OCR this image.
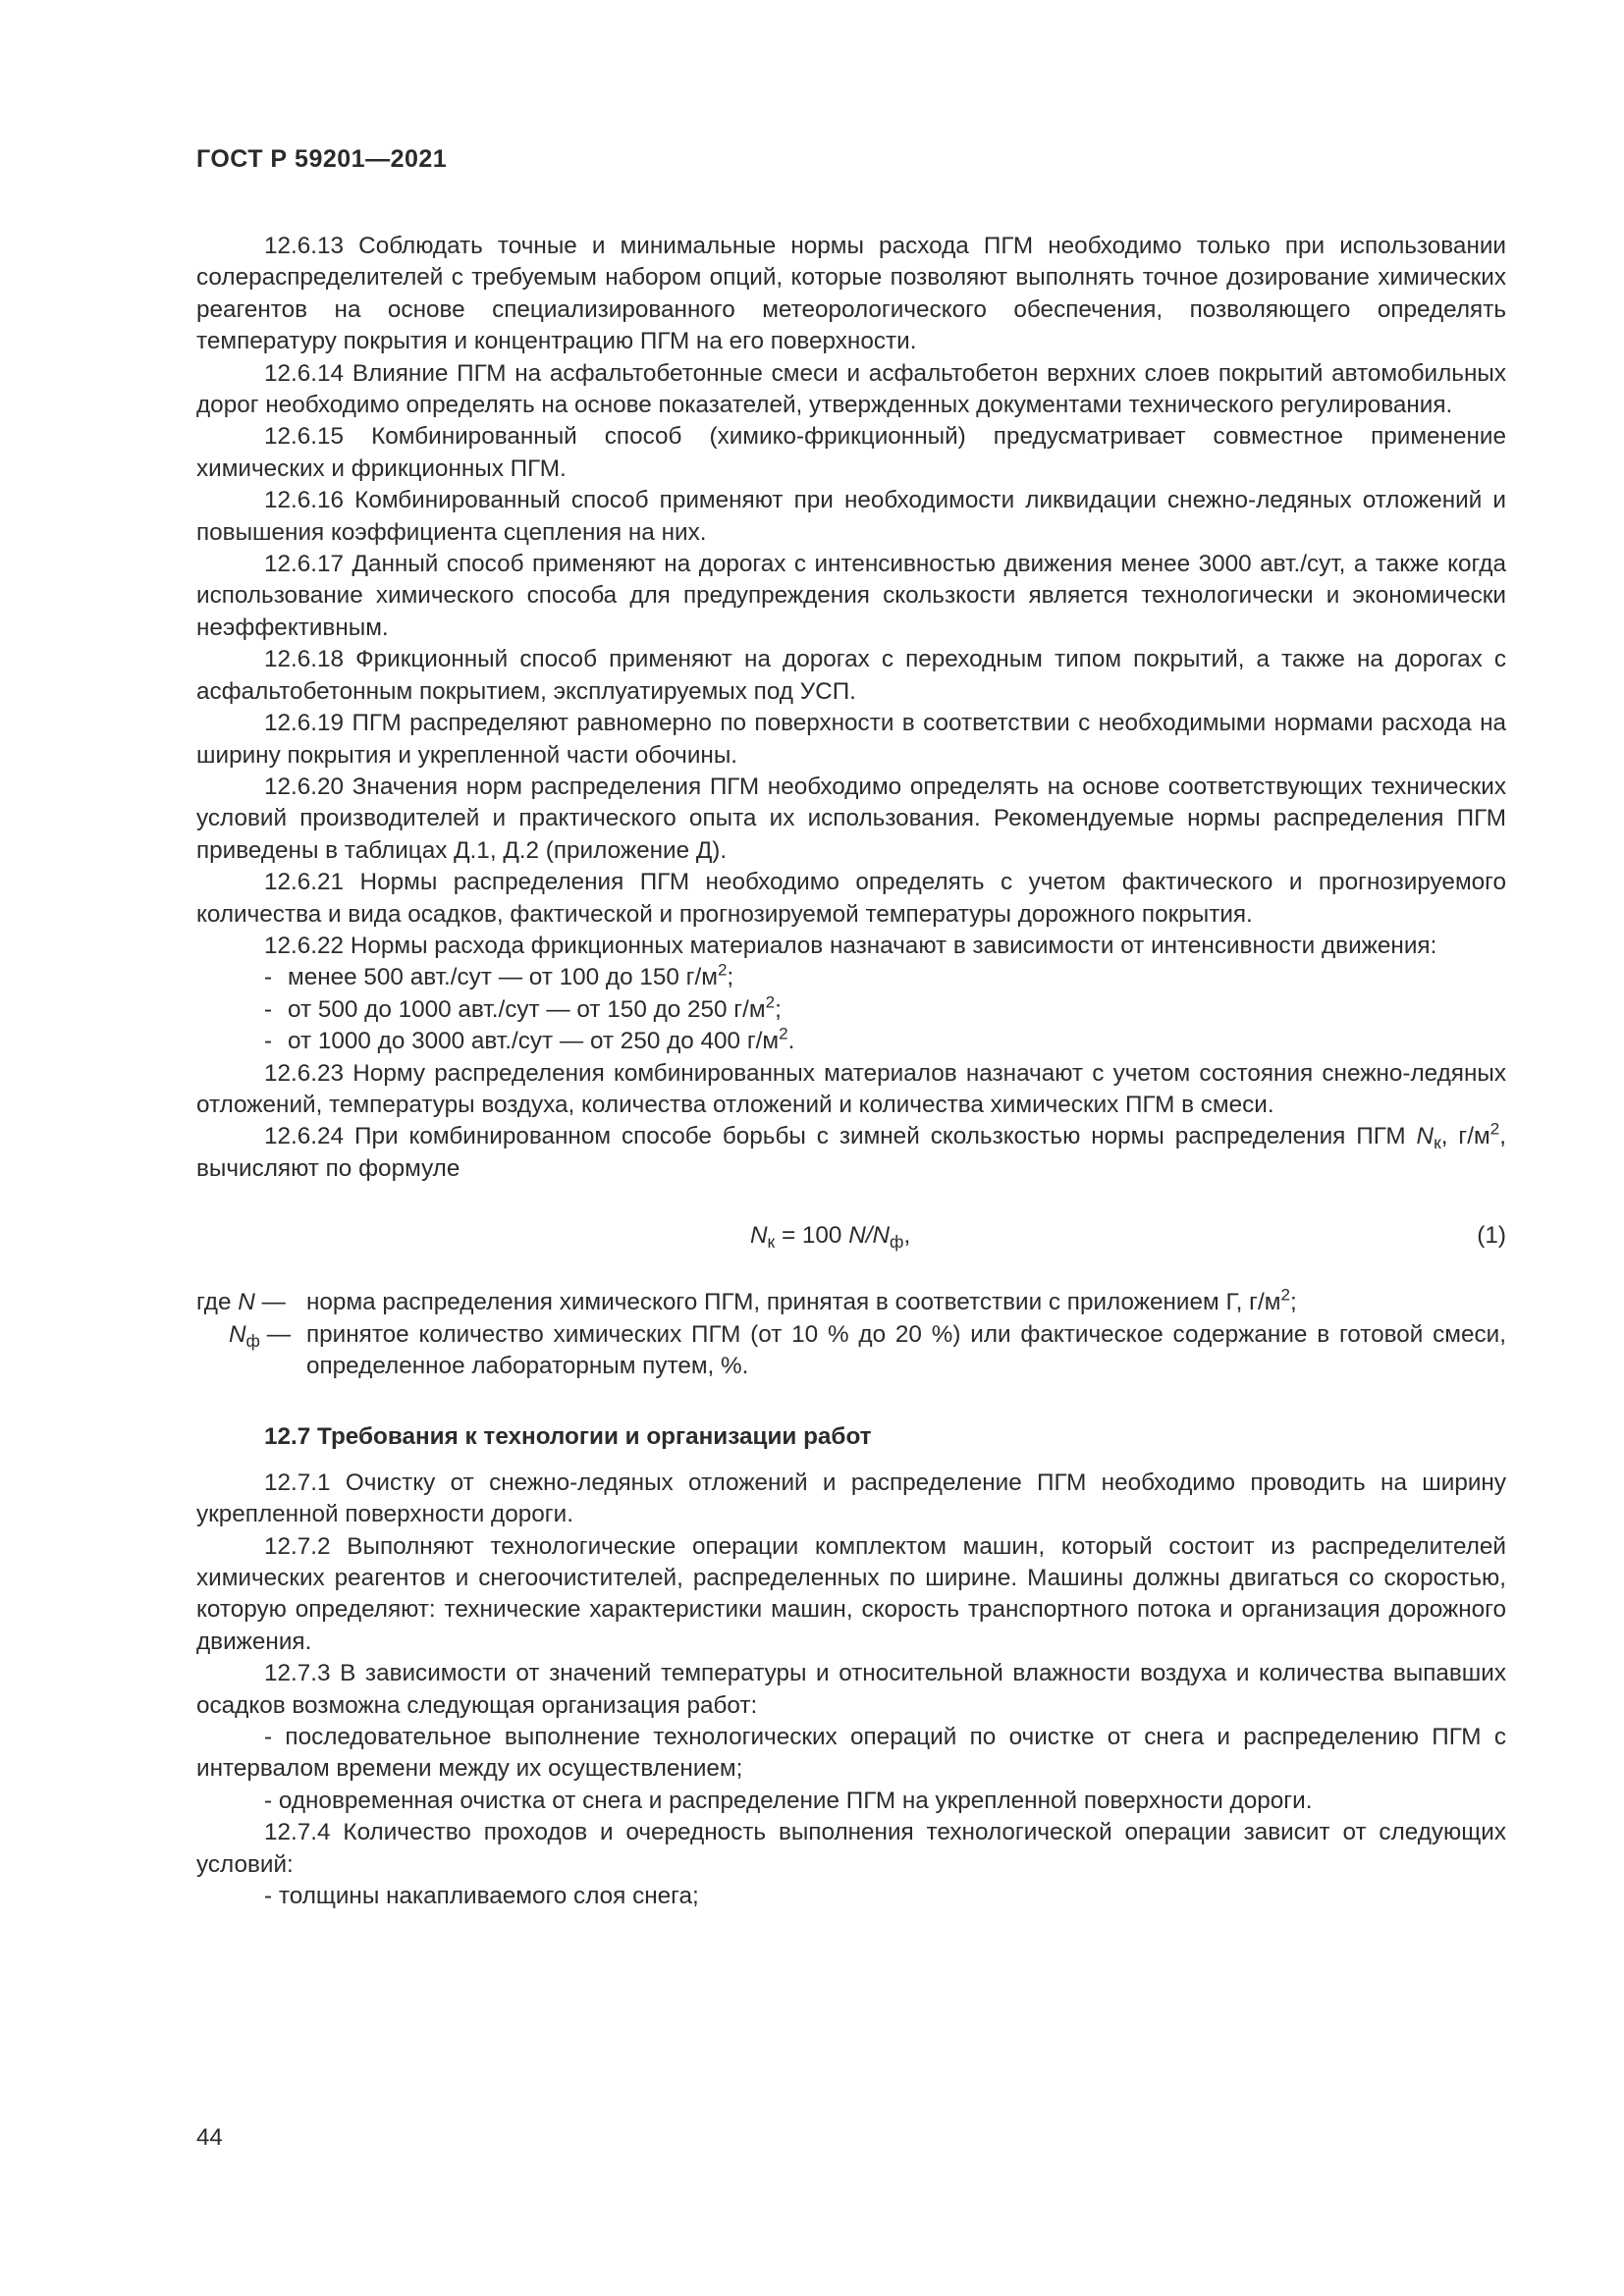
ГОСТ Р 59201—2021

12.6.13 Соблюдать точные и минимальные нормы расхода ПГМ необходимо только при использовании солераспределителей с требуемым набором опций, которые позволяют выполнять точное дозирование химических реагентов на основе специализированного метеорологического обеспечения, позволяющего определять температуру покрытия и концентрацию ПГМ на его поверхности.

12.6.14 Влияние ПГМ на асфальтобетонные смеси и асфальтобетон верхних слоев покрытий автомобильных дорог необходимо определять на основе показателей, утвержденных документами технического регулирования.

12.6.15 Комбинированный способ (химико-фрикционный) предусматривает совместное применение химических и фрикционных ПГМ.

12.6.16 Комбинированный способ применяют при необходимости ликвидации снежно-ледяных отложений и повышения коэффициента сцепления на них.

12.6.17 Данный способ применяют на дорогах с интенсивностью движения менее 3000 авт./сут, а также когда использование химического способа для предупреждения скользкости является технологически и экономически неэффективным.

12.6.18 Фрикционный способ применяют на дорогах с переходным типом покрытий, а также на дорогах с асфальтобетонным покрытием, эксплуатируемых под УСП.

12.6.19 ПГМ распределяют равномерно по поверхности в соответствии с необходимыми нормами расхода на ширину покрытия и укрепленной части обочины.

12.6.20 Значения норм распределения ПГМ необходимо определять на основе соответствующих технических условий производителей и практического опыта их использования. Рекомендуемые нормы распределения ПГМ приведены в таблицах Д.1, Д.2 (приложение Д).

12.6.21 Нормы распределения ПГМ необходимо определять с учетом фактического и прогнозируемого количества и вида осадков, фактической и прогнозируемой температуры дорожного покрытия.

12.6.22 Нормы расхода фрикционных материалов назначают в зависимости от интенсивности движения:

- менее 500 авт./сут — от 100 до 150 $г/м^2$;

- от 500 до 1000 авт./сут — от 150 до 250 $г/м^2$;

- от 1000 до 3000 авт./сут — от 250 до 400 $г/м^2$.

12.6.23 Норму распределения комбинированных материалов назначают с учетом состояния снежно-ледяных отложений, температуры воздуха, количества отложений и количества химических ПГМ в смеси.

12.6.24 При комбинированном способе борьбы с зимней скользкостью нормы распределения ПГМ $N_к$, $г/м^2$, вычисляют по формуле

$N_к = 100$ $N/N_ф$,	(1)
где N — норма распределения химического ПГМ, принятая в соответствии с приложением Г, $г/м^2$;
$N_ф$ — принятое количество химических ПГМ (от 10 % до 20 %) или фактическое содержание в готовой смеси, определенное лабораторным путем, %.

12.7 Требования к технологии и организации работ

12.7.1 Очистку от снежно-ледяных отложений и распределение ПГМ необходимо проводить на ширину укрепленной поверхности дороги.

12.7.2 Выполняют технологические операции комплектом машин, который состоит из распределителей химических реагентов и снегоочистителей, распределенных по ширине. Машины должны двигаться со скоростью, которую определяют: технические характеристики машин, скорость транспортного потока и организация дорожного движения.

12.7.3 В зависимости от значений температуры и относительной влажности воздуха и количества выпавших осадков возможна следующая организация работ:

- последовательное выполнение технологических операций по очистке от снега и распределению ПГМ с интервалом времени между их осуществлением;

- одновременная очистка от снега и распределение ПГМ на укрепленной поверхности дороги.

12.7.4 Количество проходов и очередность выполнения технологической операции зависит от следующих условий:

- толщины накапливаемого слоя снега;

44
